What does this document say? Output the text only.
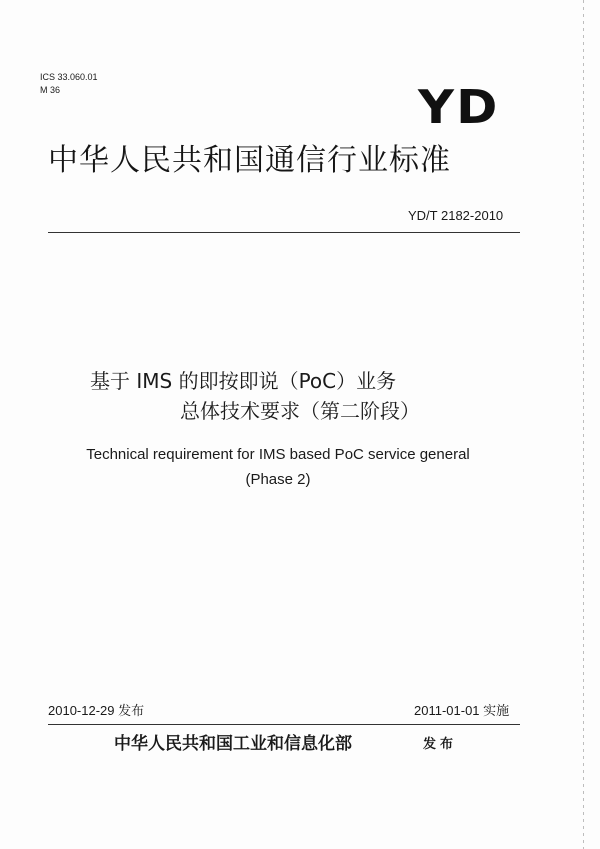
ICS 33.060.01
M 36	YD
中华人民共和国通信行业标准
YD/T 2182-2010
基于 IMS 的即按即说（PoC）业务
总体技术要求（第二阶段）
Technical requirement for IMS based PoC service general
(Phase 2)
2010-12-29 发布	2011-01-01 实施
中华人民共和国工业和信息化部	发布
